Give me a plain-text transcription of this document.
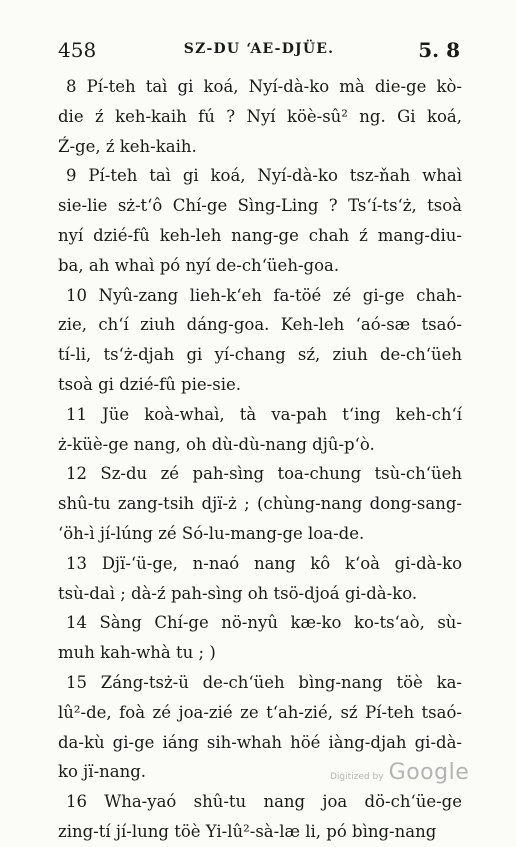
458	SZ-DU ‘AE-DJÜE.	5. 8
8 Pí-teh taì gi koá, Nyí-dà-ko mà die-ge kò-
die ź keh-kaih fú ? Nyí köè-sû² ng. Gi koá,
Ź-ge, ź keh-kaih.
9 Pí-teh taì gi koá, Nyí-dà-ko tsz-ňah whaì
sie-lie sż-t‘ô Chí-ge Sìng-Ling ? Ts‘í-ts‘ż, tsoà
nyí dzié-fû keh-leh nang-ge chah ź mang-diu-
ba, ah whaì pó nyí de-ch‘üeh-goa.
10 Nyû-zang lieh-k‘eh fa-töé zé gi-ge chah-
zie, ch‘í ziuh dáng-goa. Keh-leh ‘aó-sæ tsaó-
tí-li, ts‘ż-djah gi yí-chang sź, ziuh de-ch‘üeh
tsoà gi dzié-fû pie-sie.
11 Jüe koà-whaì, tà va-pah t‘ing keh-ch‘í
ż-küè-ge nang, oh dù-dù-nang djû-p‘ò.
12 Sz-du zé pah-sìng toa-chung tsù-ch‘üeh
shû-tu zang-tsih djï-ż ; (chùng-nang dong-sang-
‘öh-ì jí-lúng zé Só-lu-mang-ge loa-de.
13 Djï-‘ü-ge, n-naó nang kô k‘oà gi-dà-ko
tsù-daì ; dà-ź pah-sìng oh tsö-djoá gi-dà-ko.
14 Sàng Chí-ge nö-nyû kæ-ko ko-ts‘aò, sù-
muh kah-whà tu ; )
15 Záng-tsż-ü de-ch‘üeh bìng-nang töè ka-
lû²-de, foà zé joa-zié ze t‘ah-zié, sź Pí-teh tsaó-
da-kù gi-ge iáng sih-whah höé iàng-djah gi-dà-
ko jï-nang.
16 Wha-yaó shû-tu nang joa dö-ch‘üe-ge
zing-tí jí-lung töè Yi-lû²-sà-læ li, pó bìng-nang
Digitized by Google
